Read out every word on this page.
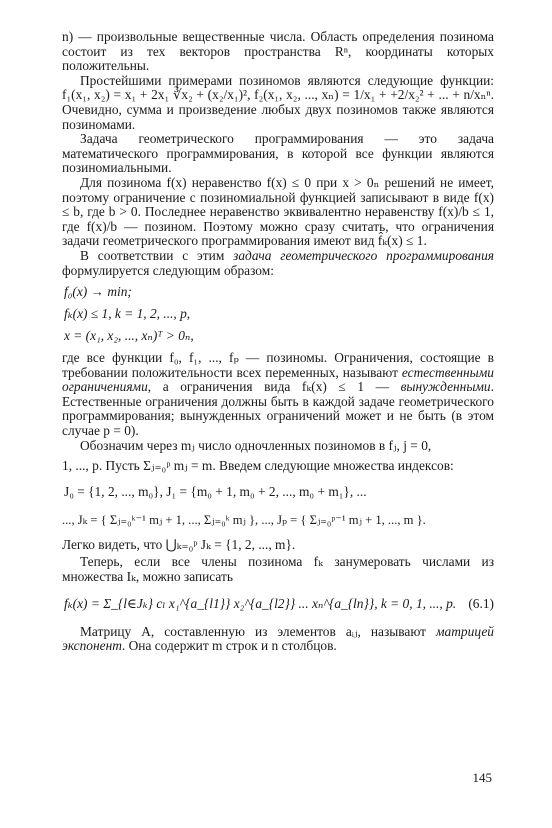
n) — произвольные вещественные числа. Область определения позинома состоит из тех векторов пространства Rⁿ, координаты которых положительны.

Простейшими примерами позиномов являются следующие функции: f₁(x₁, x₂) = x₁ + 2x₁ ∛x₂ + (x₂/x₁)², f₂(x₁, x₂, ..., xₙ) = 1/x₁ + +2/x₂² + ... + n/xₙⁿ. Очевидно, сумма и произведение любых двух позиномов также являются позиномами.

Задача геометрического программирования — это задача математического программирования, в которой все функции являются позиномиальными.

Для позинома f(x) неравенство f(x) ≤ 0 при x > 0ₙ решений не имеет, поэтому ограничение с позиномиальной функцией записывают в виде f(x) ≤ b, где b > 0. Последнее неравенство эквивалентно неравенству f(x)/b ≤ 1, где f(x)/b — позином. Поэтому можно сразу считать, что ограничения задачи геометрического программирования имеют вид f̂ₖ(x) ≤ 1.

В соответствии с этим задача геометрического программирования формулируется следующим образом:

f₀(x) → min;
fₖ(x) ≤ 1, k = 1, 2, ..., p,
x = (x₁, x₂, ..., xₙ)ᵀ > 0ₙ,

где все функции f₀, f₁, ..., fₚ — позиномы. Ограничения, состоящие в требовании положительности всех переменных, называют естественными ограничениями, а ограничения вида fₖ(x) ≤ 1 — вынужденными. Естественные ограничения должны быть в каждой задаче геометрического программирования; вынужденных ограничений может и не быть (в этом случае p = 0).

Обозначим через mⱼ число одночленных позиномов в fⱼ, j = 0,

1, ..., p. Пусть Σⱼ₌₀ᵖ mⱼ = m. Введем следующие множества индексов:

J₀ = {1, 2, ..., m₀}, J₁ = {m₀ + 1, m₀ + 2, ..., m₀ + m₁}, ...
..., Jₖ = { Σⱼ₌₀ᵏ⁻¹ mⱼ + 1, ..., Σⱼ₌₀ᵏ mⱼ }, ..., Jₚ = { Σⱼ₌₀ᵖ⁻¹ mⱼ + 1, ..., m }.

Легко видеть, что ⋃ₖ₌₀ᵖ Jₖ = {1, 2, ..., m}.

Теперь, если все члены позинома fₖ занумеровать числами из множества Iₖ, можно записать

fₖ(x) = Σ_{l∈Jₖ} cₗ x₁^{a_{l1}} x₂^{a_{l2}} ... xₙ^{a_{ln}}, k = 0, 1, ..., p. (6.1)

Матрицу A, составленную из элементов aᵢⱼ, называют матрицей экспонент. Она содержит m строк и n столбцов.

145
